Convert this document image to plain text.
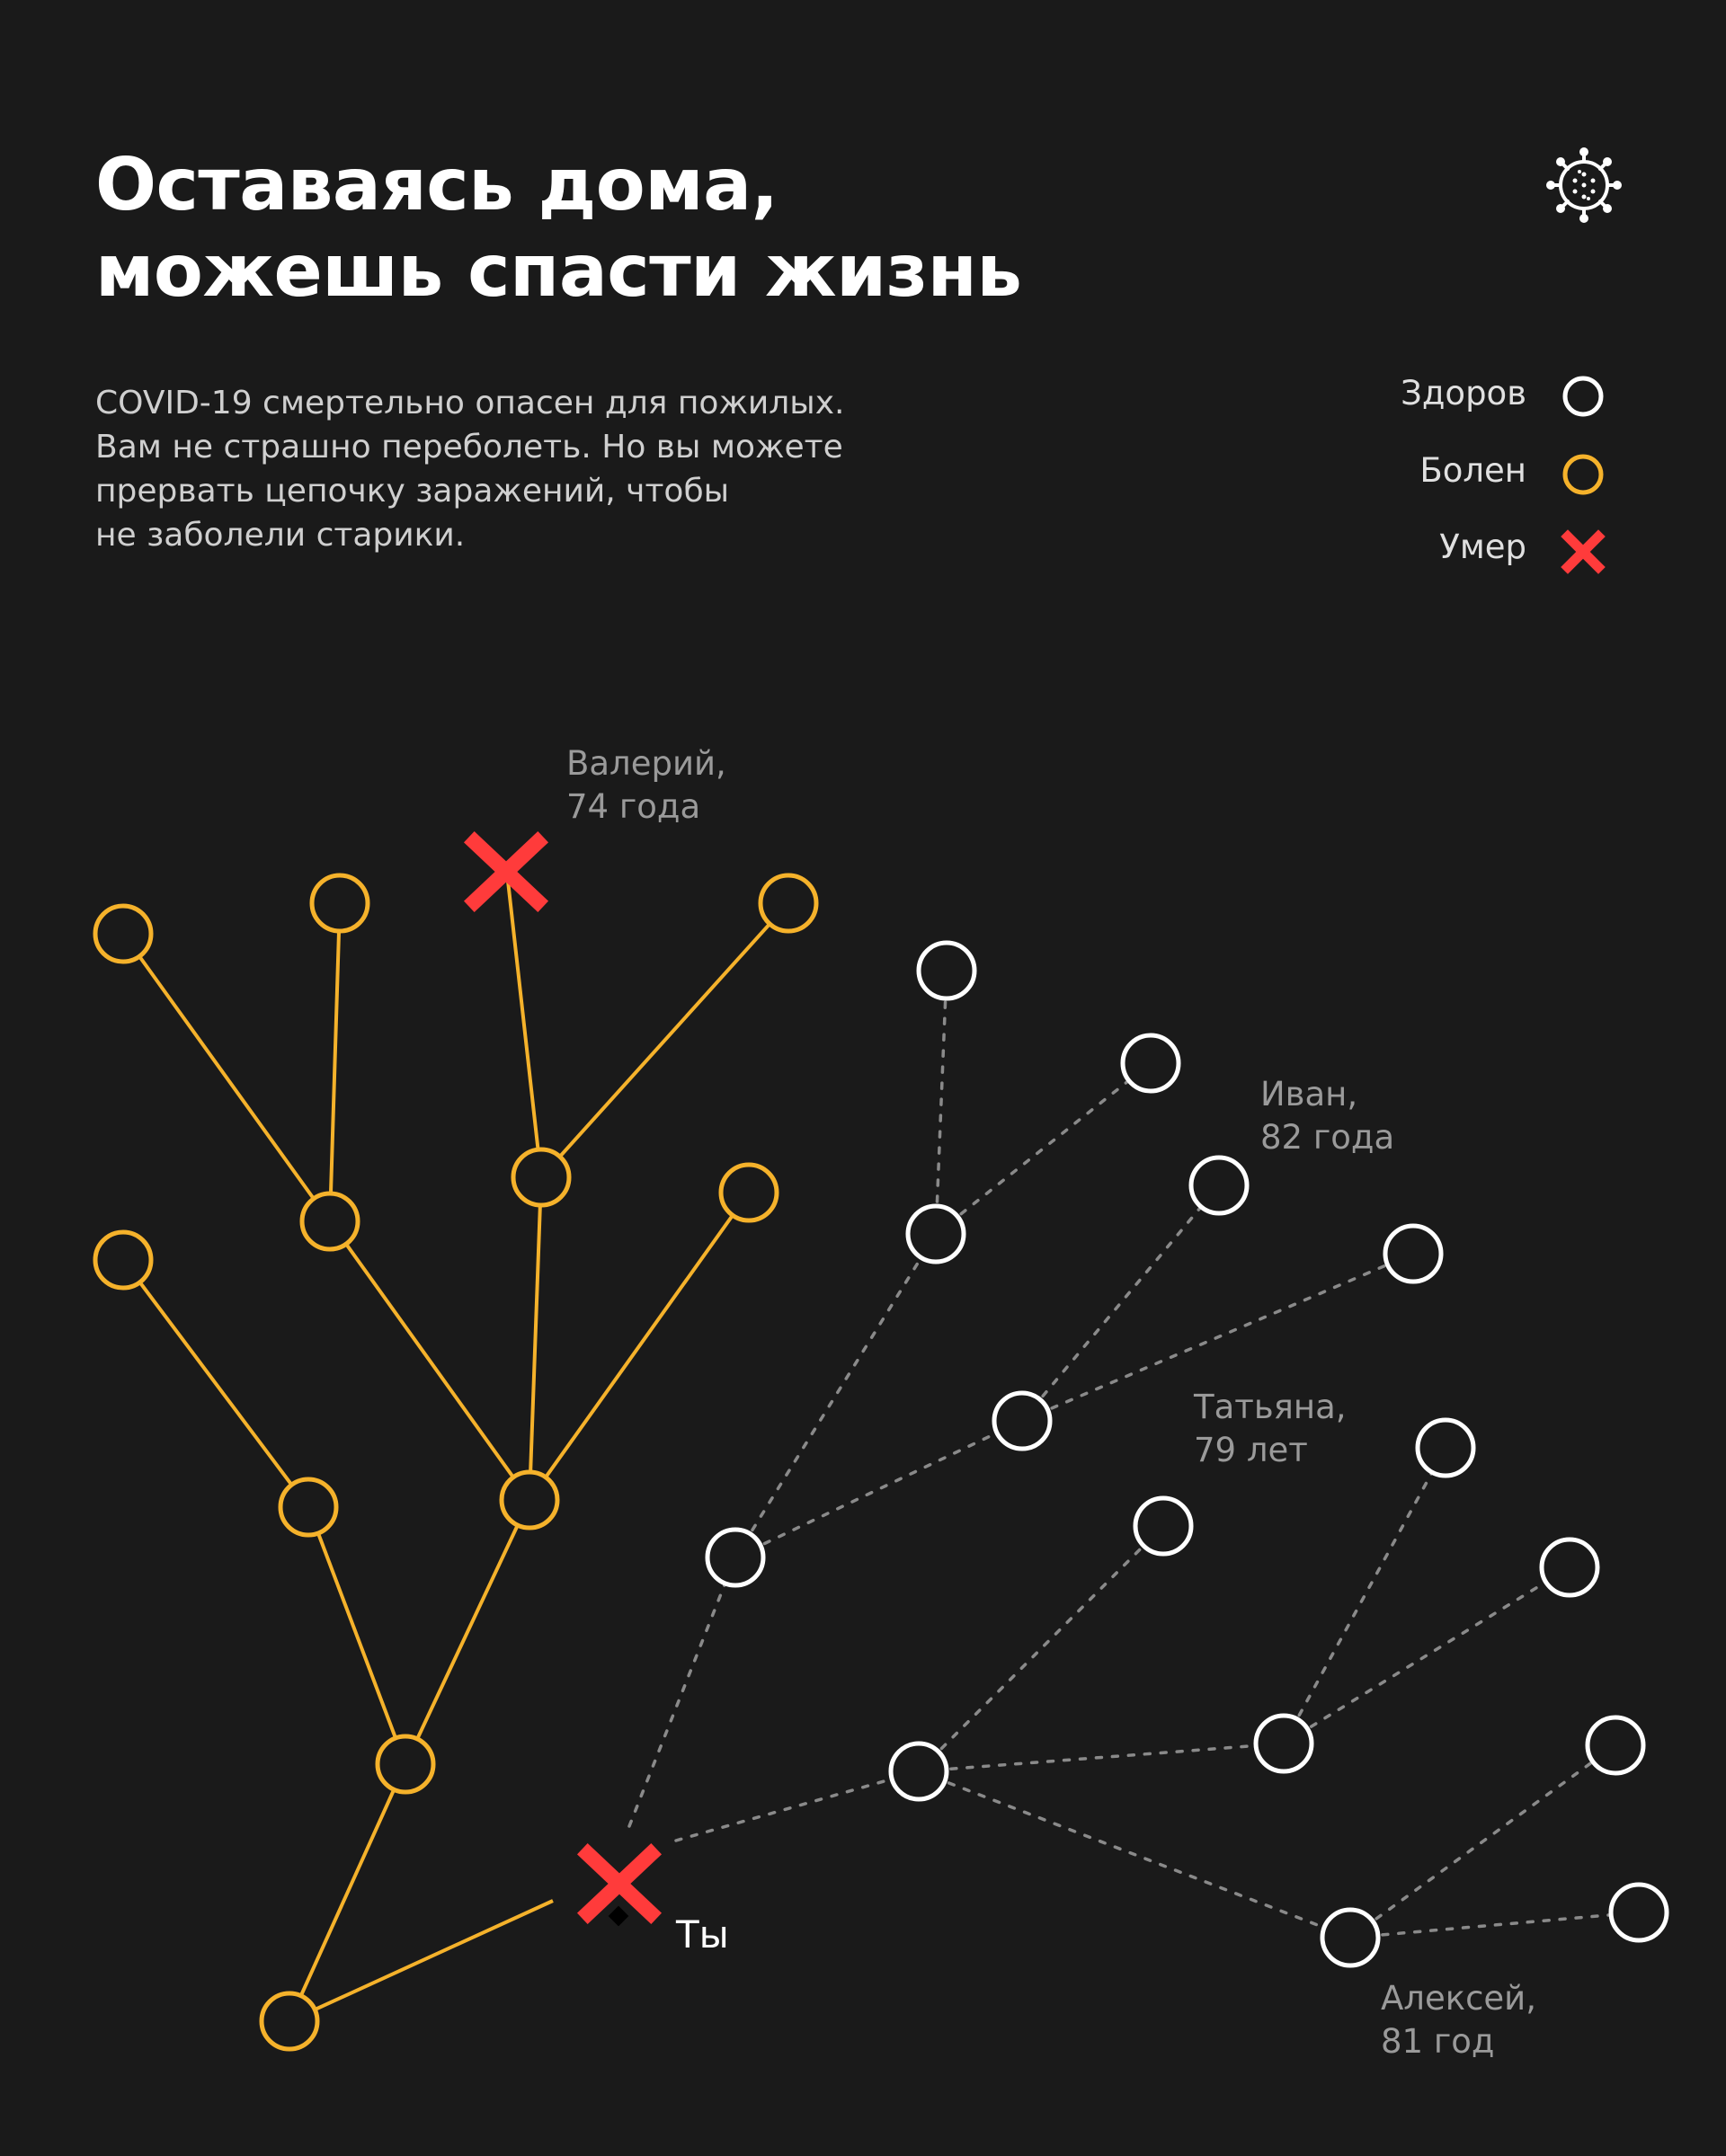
Оставаясь дома,
можешь спасти жизнь
COVID-19 смертельно опасен для пожилых.
Вам не страшно переболеть. Но вы можете
прервать цепочку заражений, чтобы
не заболели старики.
Здоров
Болен
Умер
Валерий,
74 года
Иван,
82 года
Татьяна,
79 лет
Алексей,
81 год
Ты
